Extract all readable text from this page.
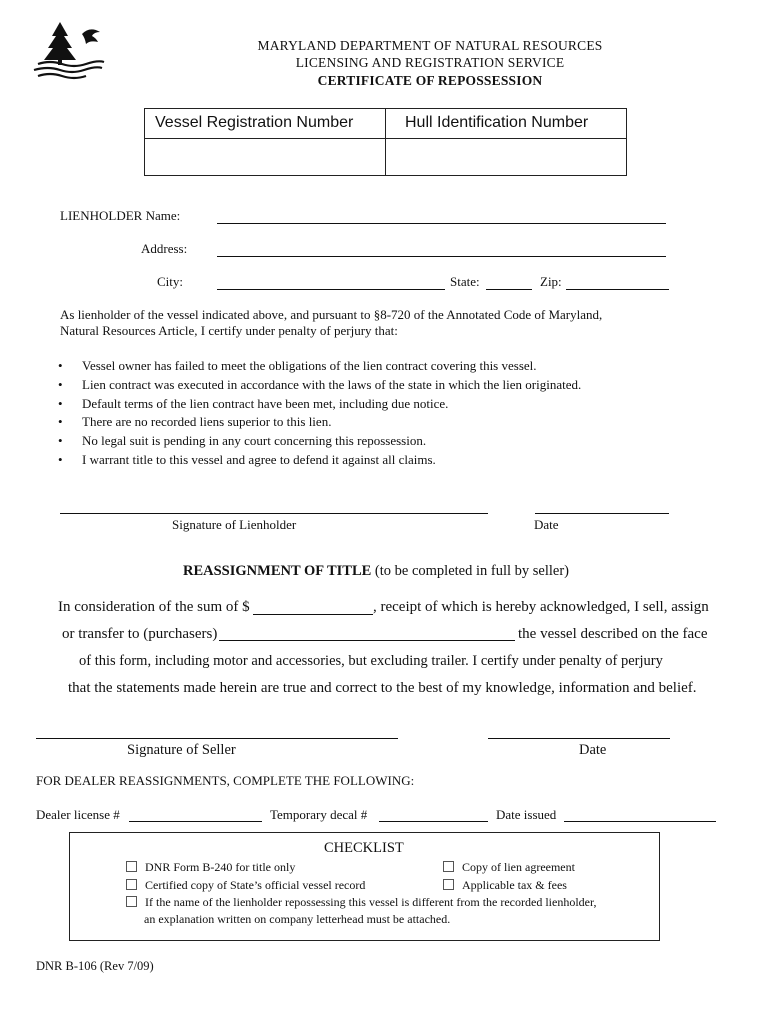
MARYLAND DEPARTMENT OF NATURAL RESOURCES
LICENSING AND REGISTRATION SERVICE
CERTIFICATE OF REPOSSESSION
Vessel Registration Number	Hull Identification Number
LIENHOLDER Name:
Address:
City:	State:	Zip:
As lienholder of the vessel indicated above, and pursuant to §8-720 of the Annotated Code of Maryland,
Natural Resources Article, I certify under penalty of perjury that:
• Vessel owner has failed to meet the obligations of the lien contract covering this vessel.
• Lien contract was executed in accordance with the laws of the state in which the lien originated.
• Default terms of the lien contract have been met, including due notice.
• There are no recorded liens superior to this lien.
• No legal suit is pending in any court concerning this repossession.
• I warrant title to this vessel and agree to defend it against all claims.
Signature of Lienholder	Date
REASSIGNMENT OF TITLE (to be completed in full by seller)
In consideration of the sum of $	, receipt of which is hereby acknowledged, I sell, assign
or transfer to (purchasers)	the vessel described on the face
of this form, including motor and accessories, but excluding trailer. I certify under penalty of perjury
that the statements made herein are true and correct to the best of my knowledge, information and belief.
Signature of Seller	Date
FOR DEALER REASSIGNMENTS, COMPLETE THE FOLLOWING:
Dealer license #	Temporary decal #	Date issued
CHECKLIST
DNR Form B-240 for title only	Copy of lien agreement
Certified copy of State’s official vessel record	Applicable tax & fees
If the name of the lienholder repossessing this vessel is different from the recorded lienholder,
an explanation written on company letterhead must be attached.
DNR B-106 (Rev 7/09)
